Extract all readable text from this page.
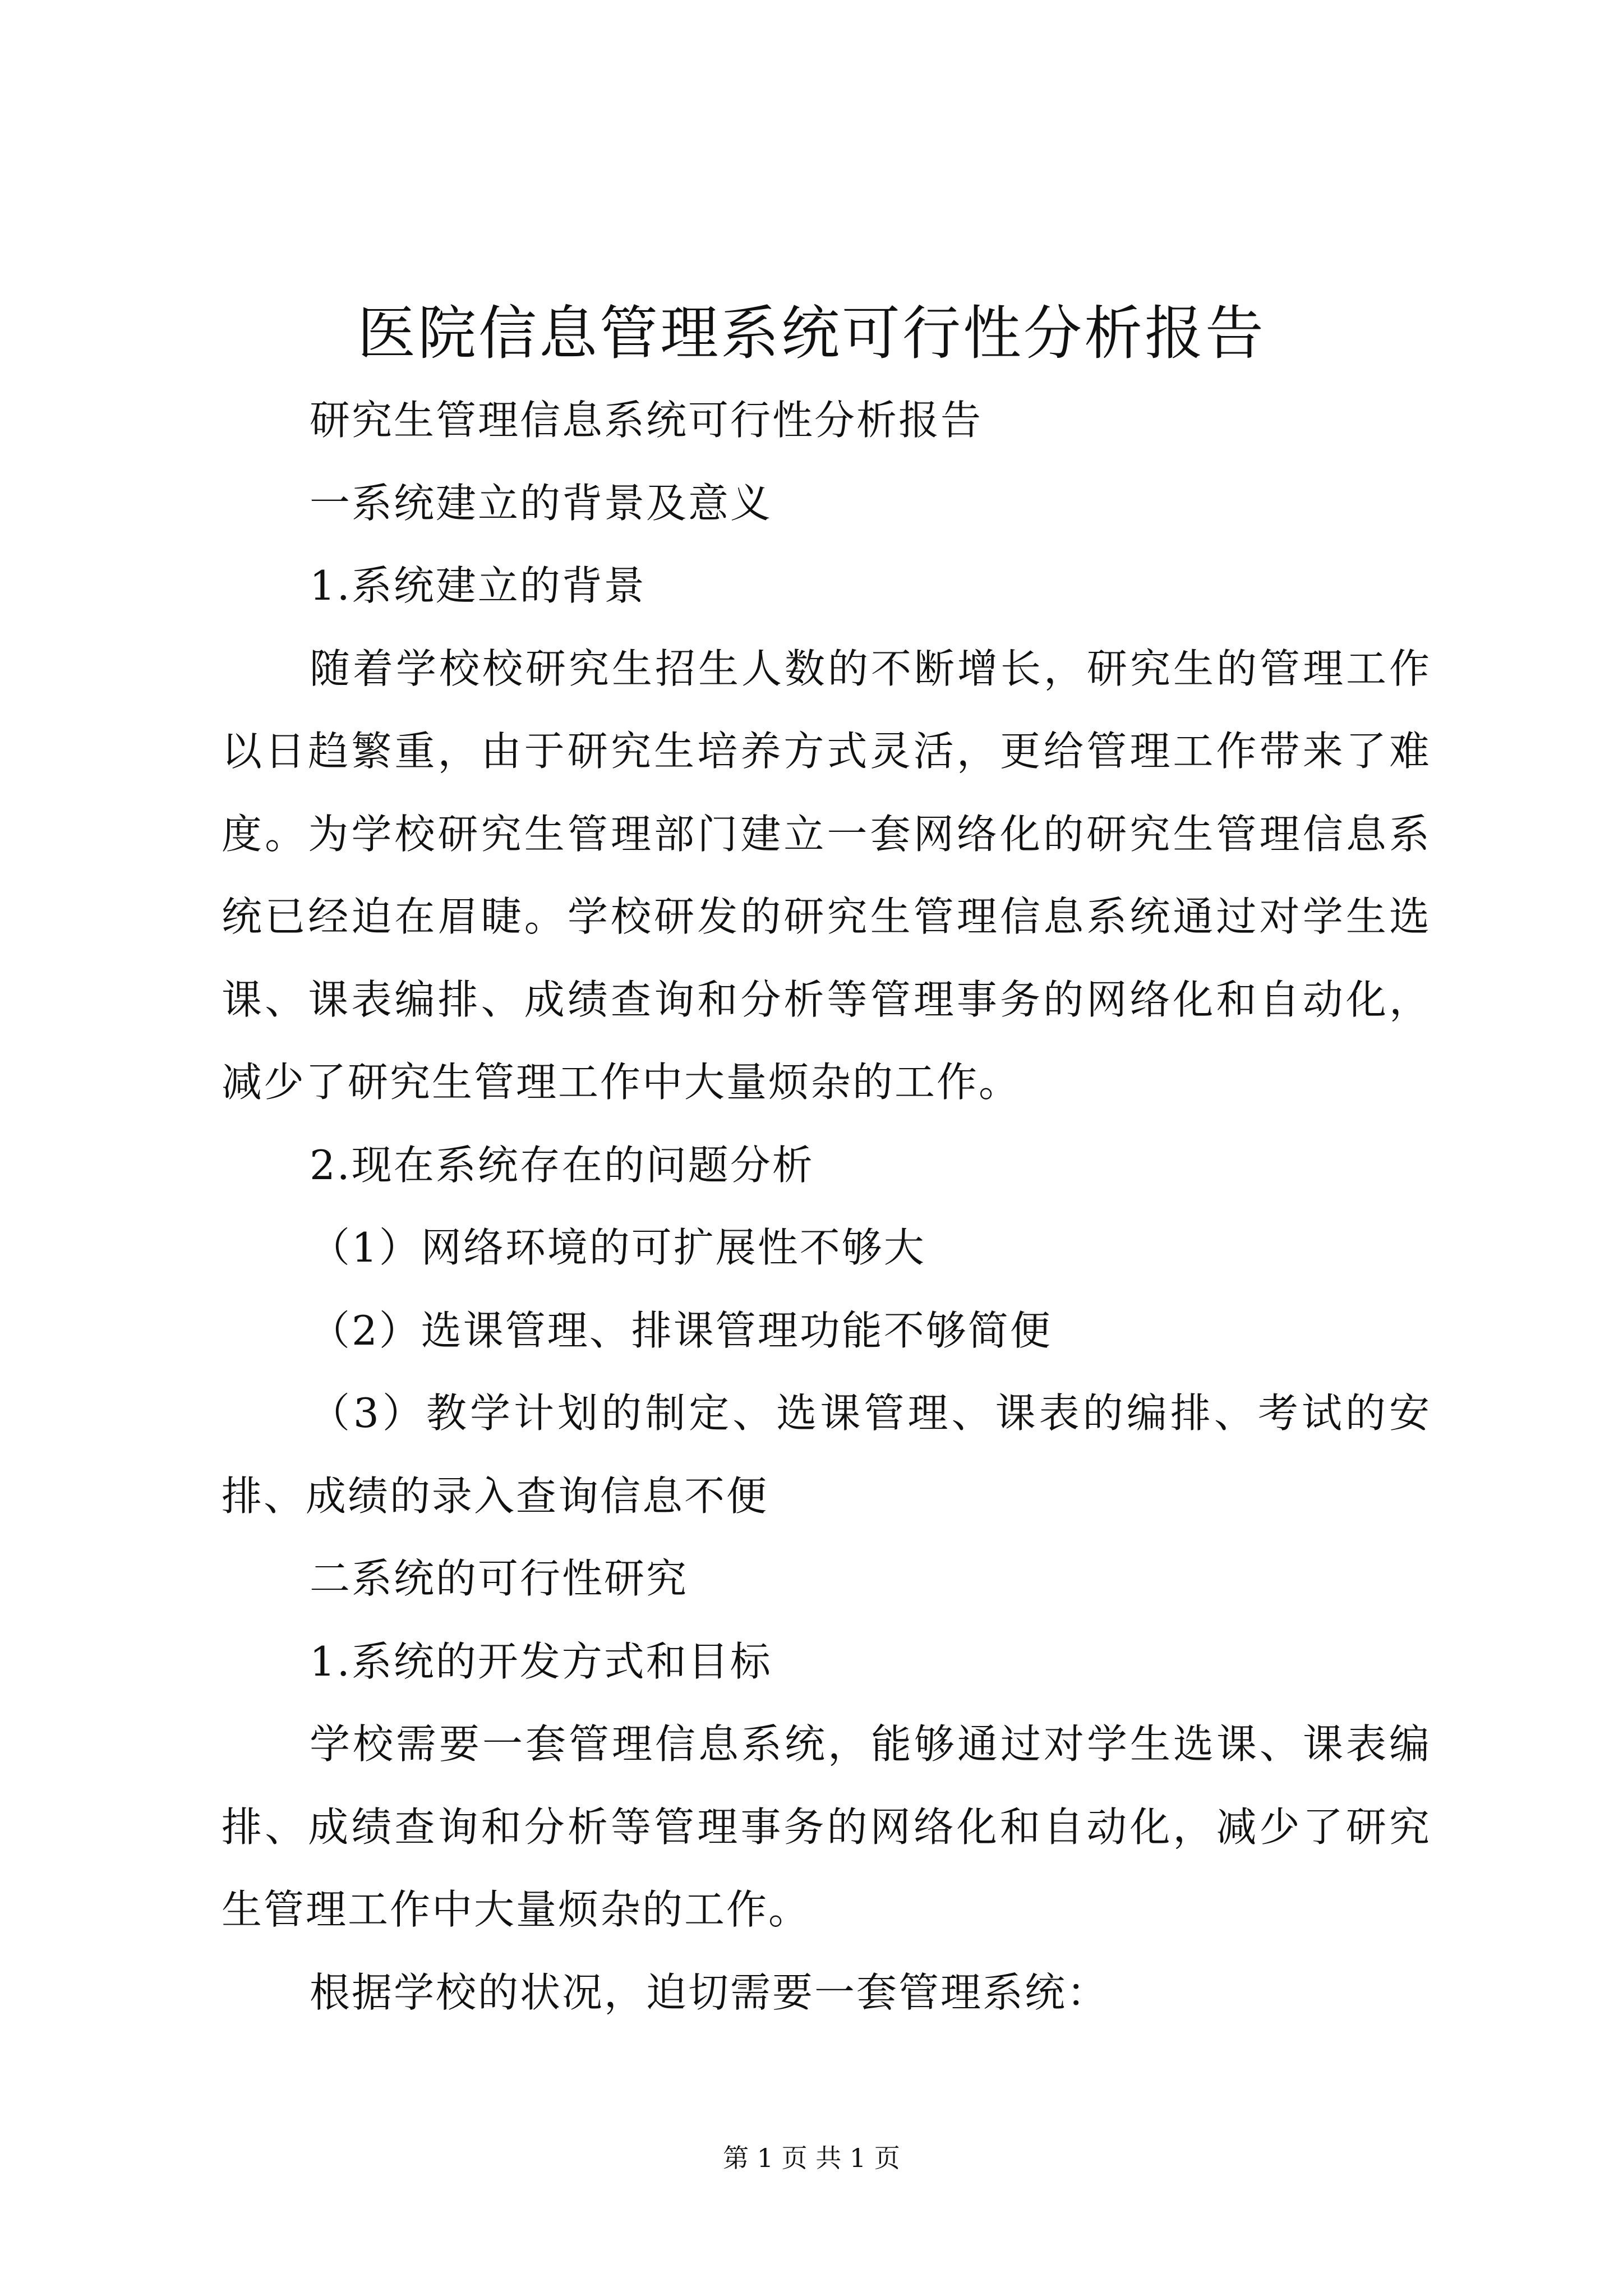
医院信息管理系统可行性分析报告
研究生管理信息系统可行性分析报告
一系统建立的背景及意义
1.系统建立的背景
随着学校校研究生招生人数的不断增长，研究生的管理工作
以日趋繁重，由于研究生培养方式灵活，更给管理工作带来了难
度。为学校研究生管理部门建立一套网络化的研究生管理信息系
统已经迫在眉睫。学校研发的研究生管理信息系统通过对学生选
课、课表编排、成绩查询和分析等管理事务的网络化和自动化，
减少了研究生管理工作中大量烦杂的工作。
2.现在系统存在的问题分析
（1）网络环境的可扩展性不够大
（2）选课管理、排课管理功能不够简便
（3）教学计划的制定、选课管理、课表的编排、考试的安
排、成绩的录入查询信息不便
二系统的可行性研究
1.系统的开发方式和目标
学校需要一套管理信息系统，能够通过对学生选课、课表编
排、成绩查询和分析等管理事务的网络化和自动化，减少了研究
生管理工作中大量烦杂的工作。
根据学校的状况，迫切需要一套管理系统：
第 1 页 共 1 页
